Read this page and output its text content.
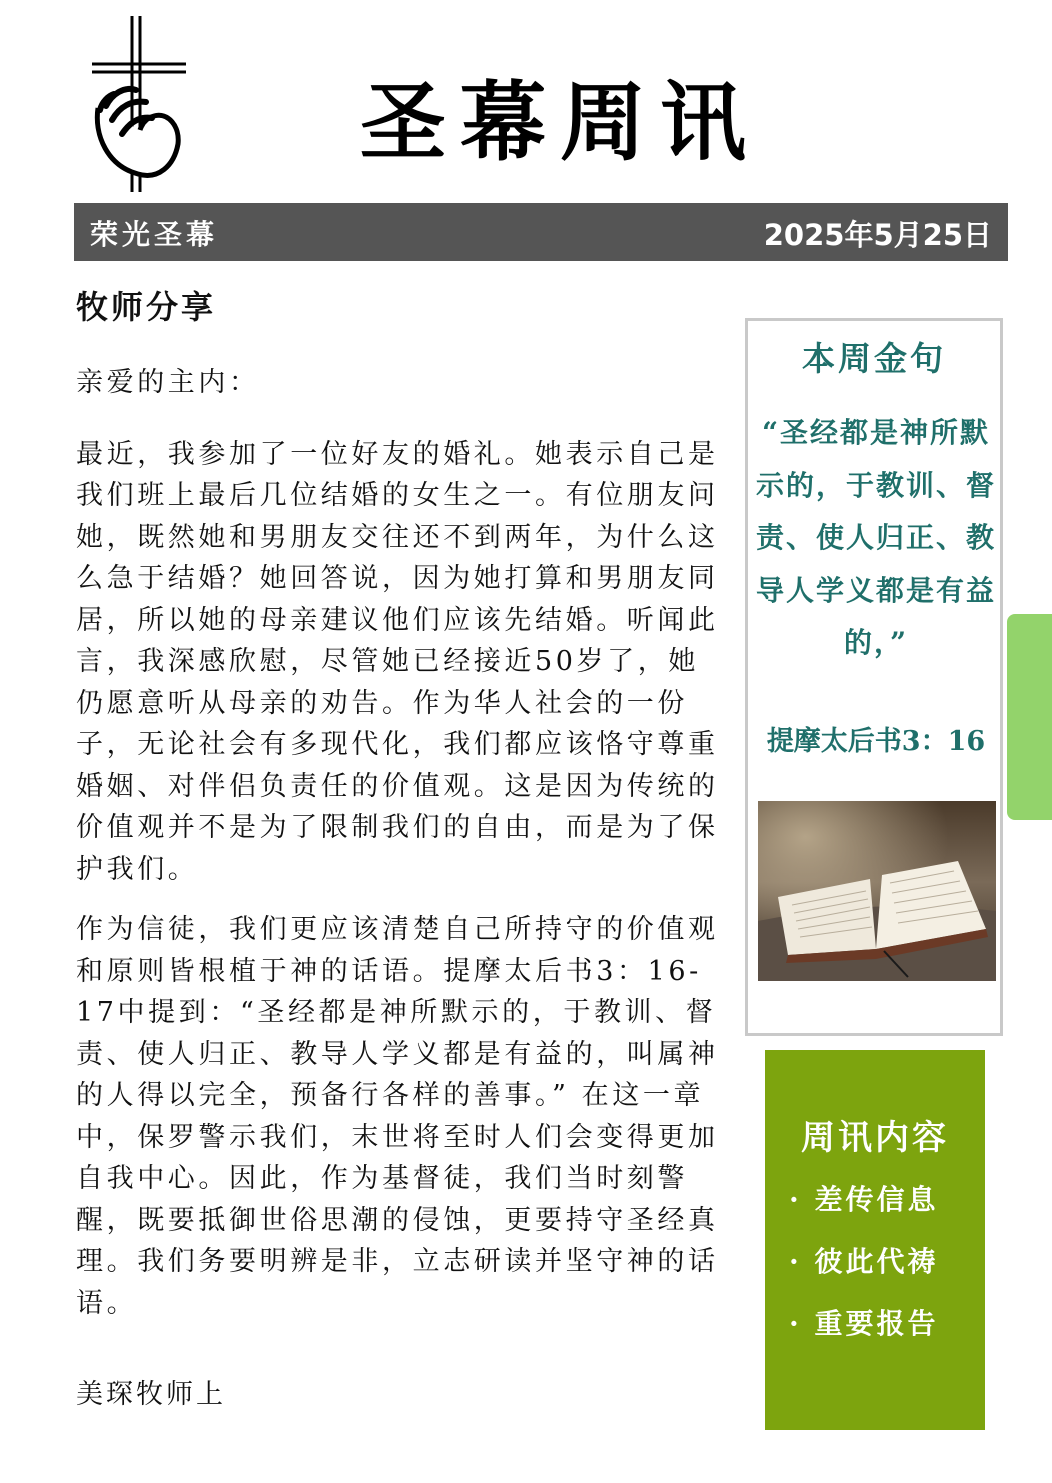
圣幕周讯
荣光圣幕	2025年5月25日
牧师分享

亲爱的主内：

最近，我参加了一位好友的婚礼。她表示自己是我们班上最后几位结婚的女生之一。有位朋友问她，既然她和男朋友交往还不到两年，为什么这么急于结婚？她回答说，因为她打算和男朋友同居，所以她的母亲建议他们应该先结婚。听闻此言，我深感欣慰，尽管她已经接近50岁了，她仍愿意听从母亲的劝告。作为华人社会的一份子，无论社会有多现代化，我们都应该恪守尊重婚姻、对伴侣负责任的价值观。这是因为传统的价值观并不是为了限制我们的自由，而是为了保护我们。

作为信徒，我们更应该清楚自己所持守的价值观和原则皆根植于神的话语。提摩太后书3：16-17中提到：“圣经都是神所默示的，于教训、督责、使人归正、教导人学义都是有益的，叫属神的人得以完全，预备行各样的善事。” 在这一章中，保罗警示我们，末世将至时人们会变得更加自我中心。因此，作为基督徒，我们当时刻警醒，既要抵御世俗思潮的侵蚀，更要持守圣经真理。我们务要明辨是非，立志研读并坚守神的话语。

美琛牧师上
本周金句
“圣经都是神所默示的，于教训、督责、使人归正、教导人学义都是有益的，”
提摩太后书3：16
周讯内容
· 差传信息
· 彼此代祷
· 重要报告
